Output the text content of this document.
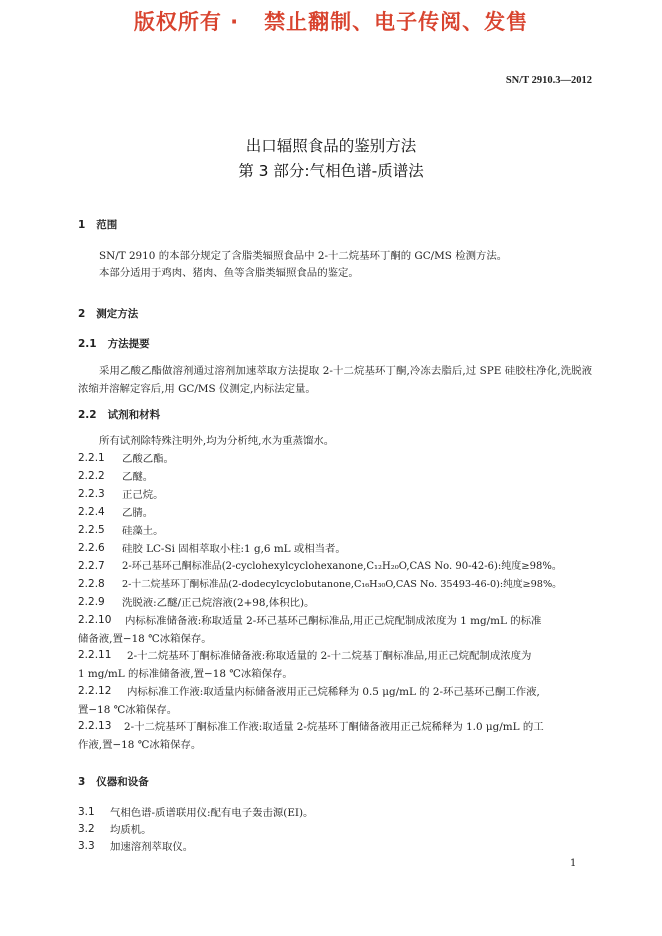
版权所有 ·   禁止翻制、电子传阅、发售
SN/T 2910.3—2012
出口辐照食品的鉴别方法
第 3 部分:气相色谱-质谱法
1   范围
SN/T 2910 的本部分规定了含脂类辐照食品中 2-十二烷基环丁酮的 GC/MS 检测方法。
本部分适用于鸡肉、猪肉、鱼等含脂类辐照食品的鉴定。
2   测定方法
2.1   方法提要
采用乙酸乙酯做溶剂通过溶剂加速萃取方法提取 2-十二烷基环丁酮,冷冻去脂后,过 SPE 硅胶柱净化,洗脱液浓缩并溶解定容后,用 GC/MS 仪测定,内标法定量。
2.2   试剂和材料
所有试剂除特殊注明外,均为分析纯,水为重蒸馏水。
2.2.1	乙酸乙酯。
2.2.2	乙醚。
2.2.3	正己烷。
2.2.4	乙腈。
2.2.5	硅藻土。
2.2.6	硅胶 LC-Si 固相萃取小柱:1 g,6 mL 或相当者。
2.2.7	2-环己基环己酮标准品(2-cyclohexylcyclohexanone,C₁₂H₂₀O,CAS No. 90-42-6):纯度≥98%。
2.2.8	2-十二烷基环丁酮标准品(2-dodecylcyclobutanone,C₁₆H₃₀O,CAS No. 35493-46-0):纯度≥98%。
2.2.9	洗脱液:乙醚/正己烷溶液(2+98,体积比)。
2.2.10	内标标准储备液:称取适量 2-环己基环己酮标准品,用正己烷配制成浓度为 1 mg/mL 的标准
储备液,置−18 ℃冰箱保存。
2.2.11	2-十二烷基环丁酮标准储备液:称取适量的 2-十二烷基丁酮标准品,用正己烷配制成浓度为
1 mg/mL 的标准储备液,置−18 ℃冰箱保存。
2.2.12	内标标准工作液:取适量内标储备液用正己烷稀释为 0.5 μg/mL 的 2-环己基环己酮工作液,
置−18 ℃冰箱保存。
2.2.13	2-十二烷基环丁酮标准工作液:取适量 2-烷基环丁酮储备液用正己烷稀释为 1.0 μg/mL 的工
作液,置−18 ℃冰箱保存。
3   仪器和设备
3.1	气相色谱-质谱联用仪:配有电子轰击源(EI)。
3.2	均质机。
3.3	加速溶剂萃取仪。
1
